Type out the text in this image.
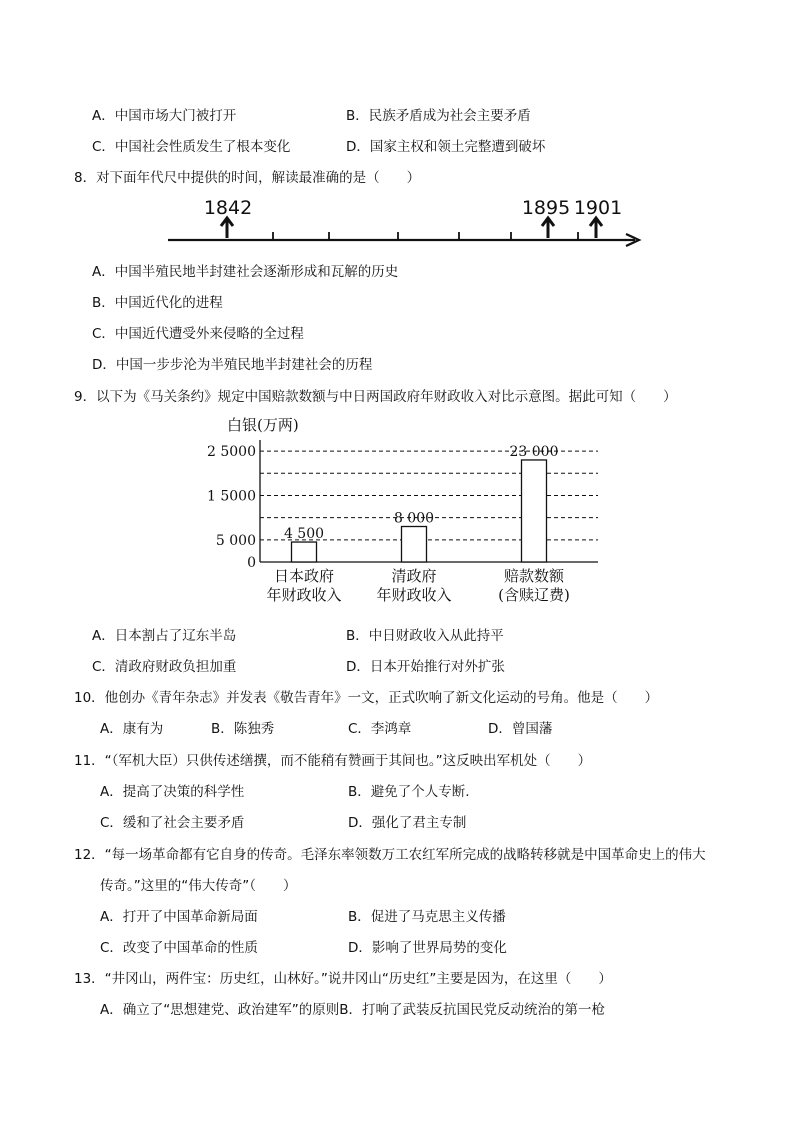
A．中国市场大门被打开	B．民族矛盾成为社会主要矛盾
C．中国社会性质发生了根本变化	D．国家主权和领土完整遭到破坏
8．对下面年代尺中提供的时间，解读最准确的是（　　）
1842	1895 1901
A．中国半殖民地半封建社会逐渐形成和瓦解的历史
B．中国近代化的进程
C．中国近代遭受外来侵略的全过程
D．中国一步步沦为半殖民地半封建社会的历程
9．以下为《马关条约》规定中国赔款数额与中日两国政府年财政收入对比示意图。据此可知（　　）
白银(万两)
0
5 000
1 5000
2 5000
4 500
8 000
23 000
日本政府
年财政收入
清政府
年财政收入
赔款数额
(含赎辽费)
A．日本割占了辽东半岛	B．中日财政收入从此持平
C．清政府财政负担加重	D．日本开始推行对外扩张
10．他创办《青年杂志》并发表《敬告青年》一文，正式吹响了新文化运动的号角。他是（　　）
A．康有为	B．陈独秀	C．李鸿章	D．曾国藩
11．“（军机大臣）只供传述缮撰，而不能稍有赞画于其间也。”这反映出军机处（　　）
A．提高了决策的科学性	B．避免了个人专断.
C．缓和了社会主要矛盾	D．强化了君主专制
12．“每一场革命都有它自身的传奇。毛泽东率领数万工农红军所完成的战略转移就是中国革命史上的伟大
传奇。”这里的“伟大传奇”（　　）
A．打开了中国革命新局面	B．促进了马克思主义传播
C．改变了中国革命的性质	D．影响了世界局势的变化
13．“井冈山，两件宝：历史红，山林好。”说井冈山“历史红”主要是因为，在这里（　　）
A．确立了“思想建党、政治建军”的原则B．打响了武装反抗国民党反动统治的第一枪
